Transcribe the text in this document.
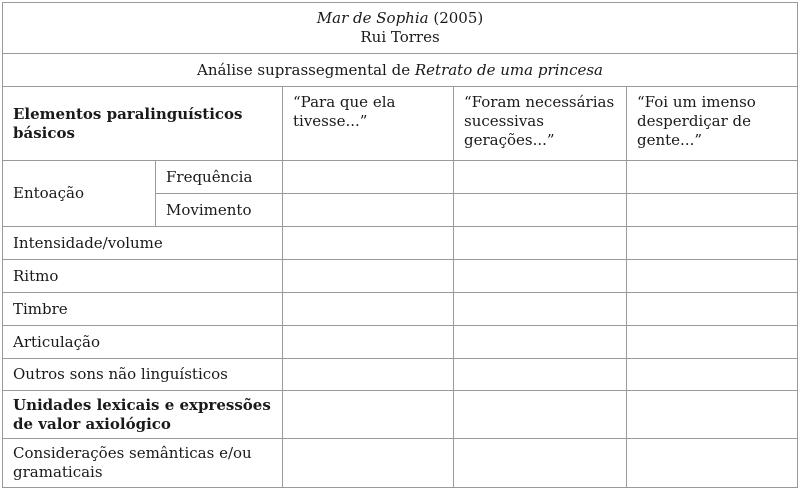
Mar de Sophia (2005)
Rui Torres				

Análise suprassegmental de Retrato de uma princesa				
Elementos paralinguísticos básicos		“Para que ela tivesse...”	“Foram necessárias sucessivas gerações...”	“Foi um imenso desperdiçar de gente...”
Entoação	Frequência			
	Movimento			
Intensidade/volume				
Ritmo				
Timbre				
Articulação				
Outros sons não linguísticos				
Unidades lexicais e expressões de valor axiológico				
Considerações semânticas e/ou gramaticais				
